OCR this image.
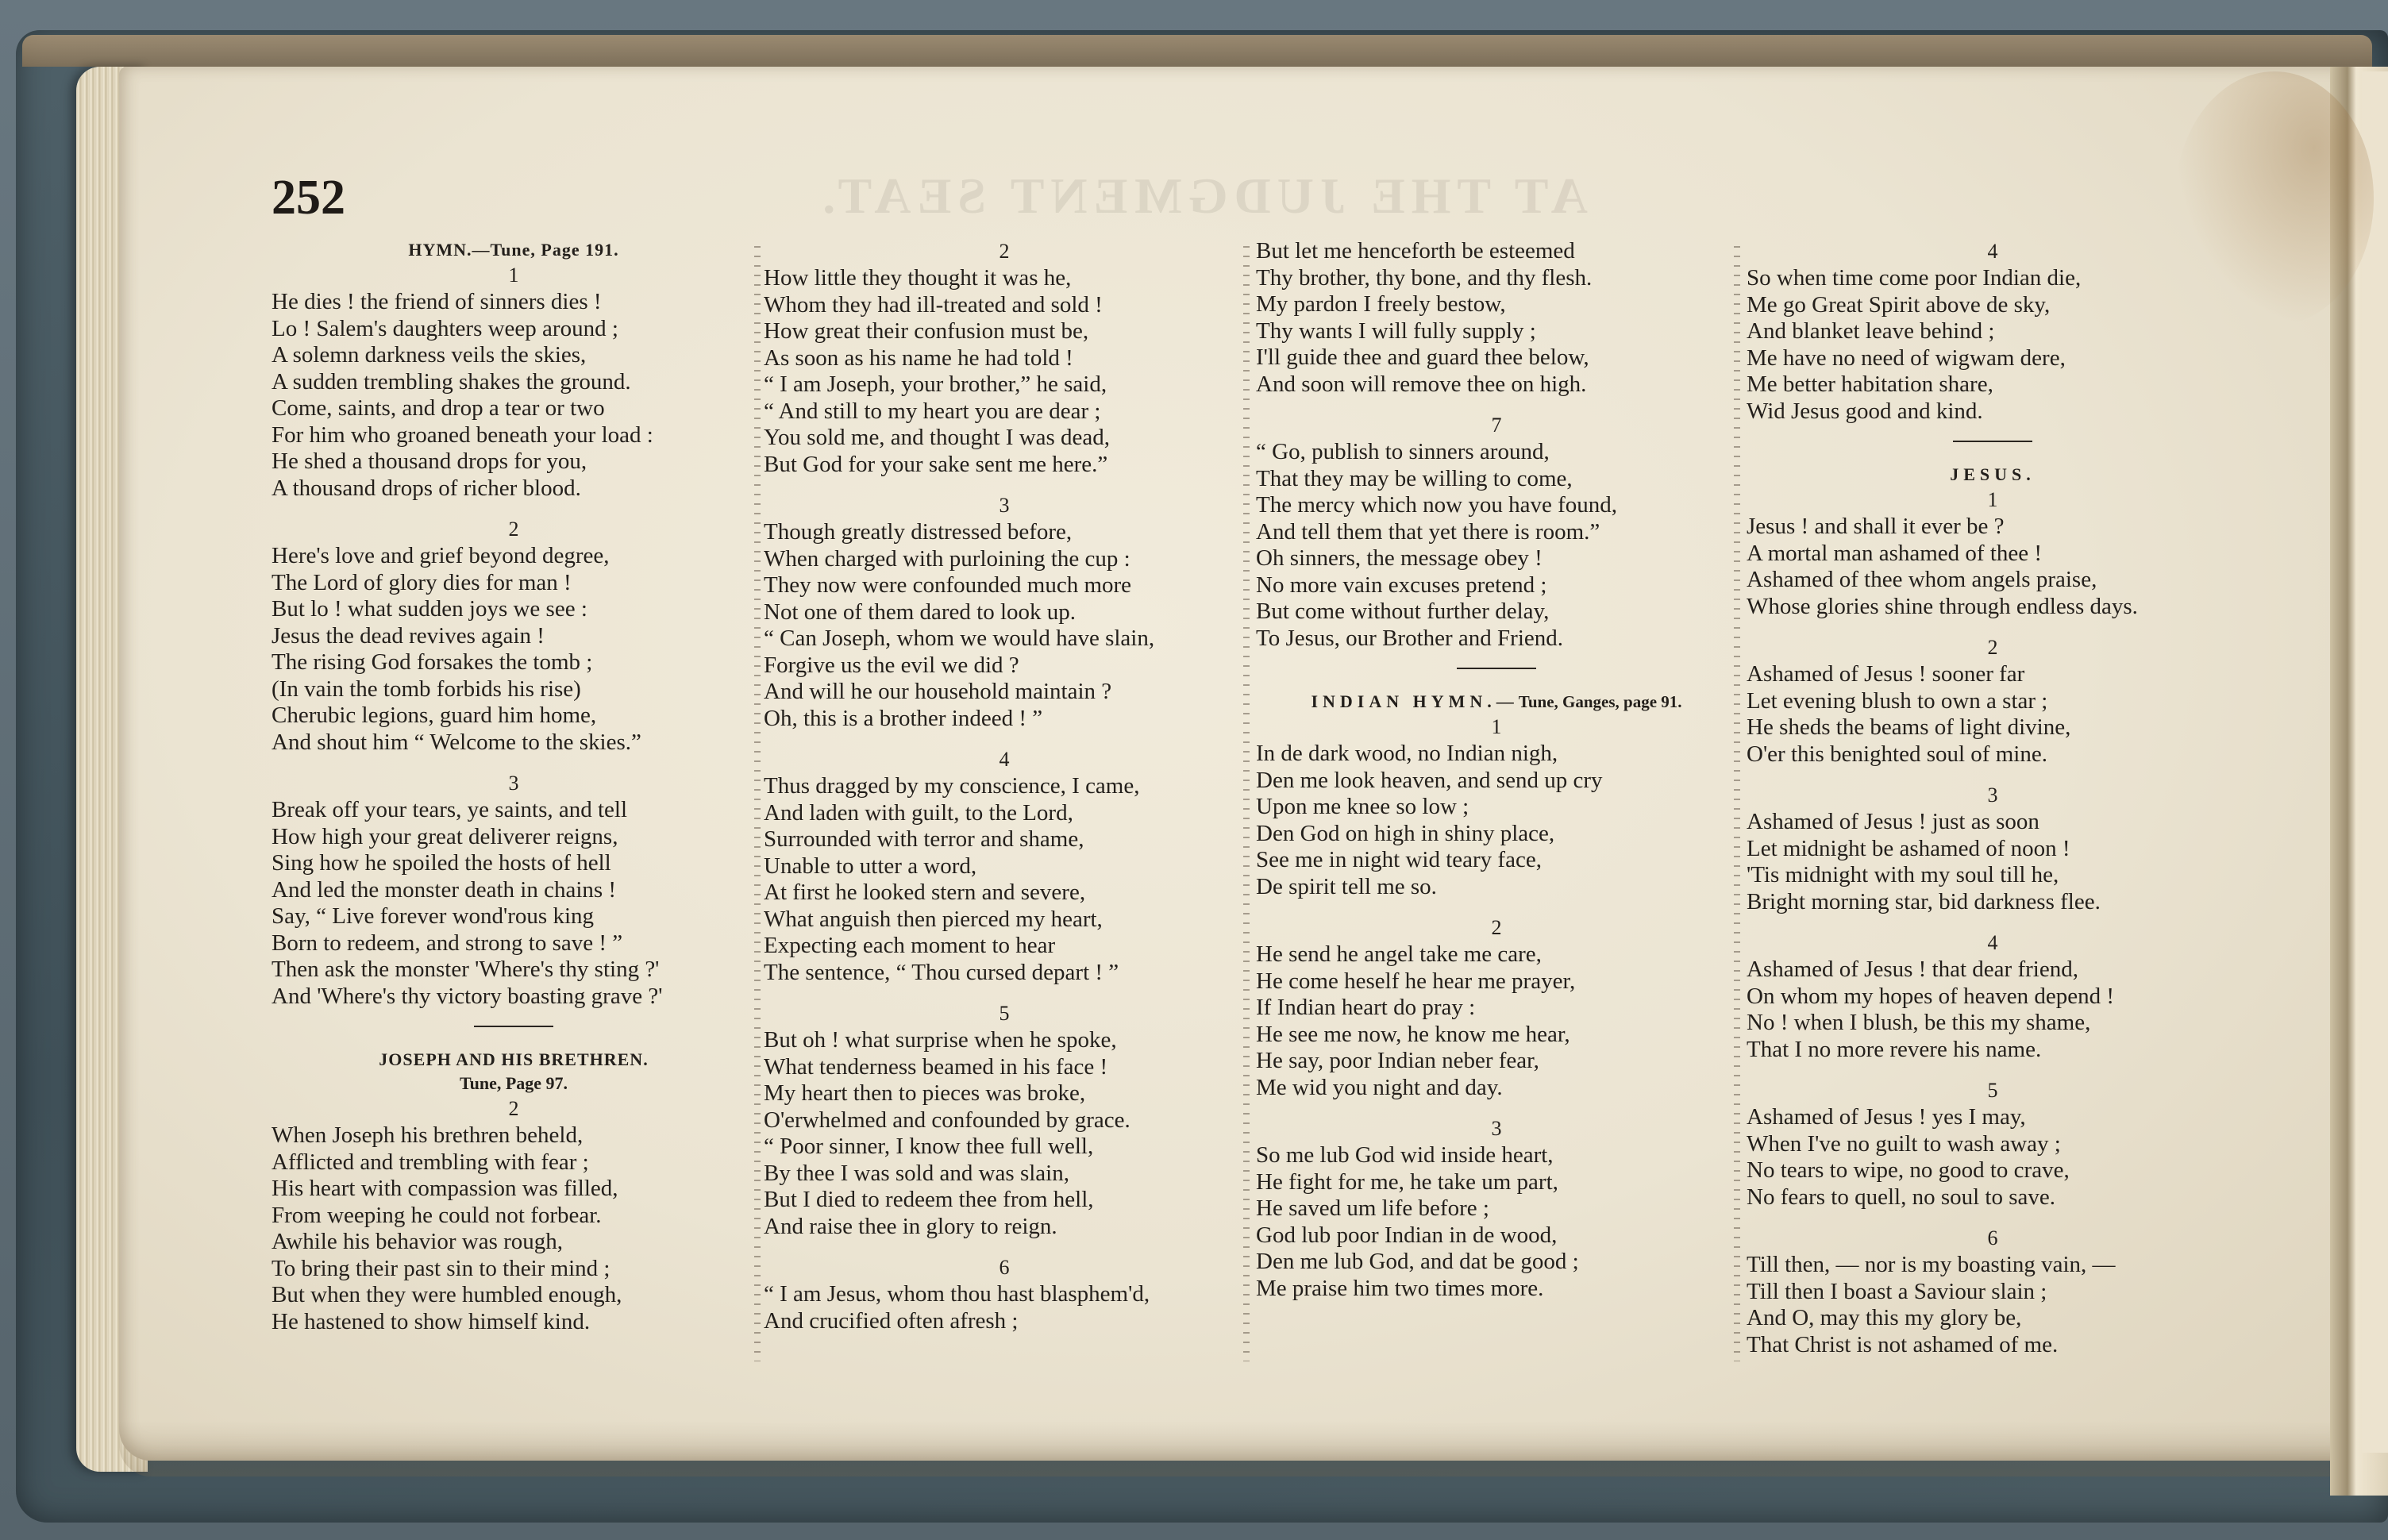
AT THE JUDGMENT SEAT.
252

HYMN.—Tune, Page 191.

1

He dies ! the friend of sinners dies !

Lo ! Salem's daughters weep around ;

A solemn darkness veils the skies,

A sudden trembling shakes the ground.

Come, saints, and drop a tear or two

For him who groaned beneath your load :

He shed a thousand drops for you,

A thousand drops of richer blood.

2

Here's love and grief beyond degree,

The Lord of glory dies for man !

But lo ! what sudden joys we see :

Jesus the dead revives again !

The rising God forsakes the tomb ;

(In vain the tomb forbids his rise)

Cherubic legions, guard him home,

And shout him “ Welcome to the skies.”

3

Break off your tears, ye saints, and tell

How high your great deliverer reigns,

Sing how he spoiled the hosts of hell

And led the monster death in chains !

Say, “ Live forever wond'rous king

Born to redeem, and strong to save ! ”

Then ask the monster 'Where's thy sting ?'

And 'Where's thy victory boasting grave ?'

JOSEPH AND HIS BRETHREN.

Tune, Page 97.

2

When Joseph his brethren beheld,

Afflicted and trembling with fear ;

His heart with compassion was filled,

From weeping he could not forbear.

Awhile his behavior was rough,

To bring their past sin to their mind ;

But when they were humbled enough,

He hastened to show himself kind.

2

How little they thought it was he,

Whom they had ill-treated and sold !

How great their confusion must be,

As soon as his name he had told !

“ I am Joseph, your brother,” he said,

“ And still to my heart you are dear ;

You sold me, and thought I was dead,

But God for your sake sent me here.”

3

Though greatly distressed before,

When charged with purloining the cup :

They now were confounded much more

Not one of them dared to look up.

“ Can Joseph, whom we would have slain,

Forgive us the evil we did ?

And will he our household maintain ?

Oh, this is a brother indeed ! ”

4

Thus dragged by my conscience, I came,

And laden with guilt, to the Lord,

Surrounded with terror and shame,

Unable to utter a word,

At first he looked stern and severe,

What anguish then pierced my heart,

Expecting each moment to hear

The sentence, “ Thou cursed depart ! ”

5

But oh ! what surprise when he spoke,

What tenderness beamed in his face !

My heart then to pieces was broke,

O'erwhelmed and confounded by grace.

“ Poor sinner, I know thee full well,

By thee I was sold and was slain,

But I died to redeem thee from hell,

And raise thee in glory to reign.

6

“ I am Jesus, whom thou hast blasphem'd,

And crucified often afresh ;

But let me henceforth be esteemed

Thy brother, thy bone, and thy flesh.

My pardon I freely bestow,

Thy wants I will fully supply ;

I'll guide thee and guard thee below,

And soon will remove thee on high.

7

“ Go, publish to sinners around,

That they may be willing to come,

The mercy which now you have found,

And tell them that yet there is room.”

Oh sinners, the message obey !

No more vain excuses pretend ;

But come without further delay,

To Jesus, our Brother and Friend.

INDIAN HYMN.—Tune, Ganges, page 91.

1

In de dark wood, no Indian nigh,

Den me look heaven, and send up cry

Upon me knee so low ;

Den God on high in shiny place,

See me in night wid teary face,

De spirit tell me so.

2

He send he angel take me care,

He come heself he hear me prayer,

If Indian heart do pray :

He see me now, he know me hear,

He say, poor Indian neber fear,

Me wid you night and day.

3

So me lub God wid inside heart,

He fight for me, he take um part,

He saved um life before ;

God lub poor Indian in de wood,

Den me lub God, and dat be good ;

Me praise him two times more.

4

So when time come poor Indian die,

Me go Great Spirit above de sky,

And blanket leave behind ;

Me have no need of wigwam dere,

Me better habitation share,

Wid Jesus good and kind.

JESUS.

1

Jesus ! and shall it ever be ?

A mortal man ashamed of thee !

Ashamed of thee whom angels praise,

Whose glories shine through endless days.

2

Ashamed of Jesus ! sooner far

Let evening blush to own a star ;

He sheds the beams of light divine,

O'er this benighted soul of mine.

3

Ashamed of Jesus ! just as soon

Let midnight be ashamed of noon !

'Tis midnight with my soul till he,

Bright morning star, bid darkness flee.

4

Ashamed of Jesus ! that dear friend,

On whom my hopes of heaven depend !

No ! when I blush, be this my shame,

That I no more revere his name.

5

Ashamed of Jesus ! yes I may,

When I've no guilt to wash away ;

No tears to wipe, no good to crave,

No fears to quell, no soul to save.

6

Till then, — nor is my boasting vain, —

Till then I boast a Saviour slain ;

And O, may this my glory be,

That Christ is not ashamed of me.
